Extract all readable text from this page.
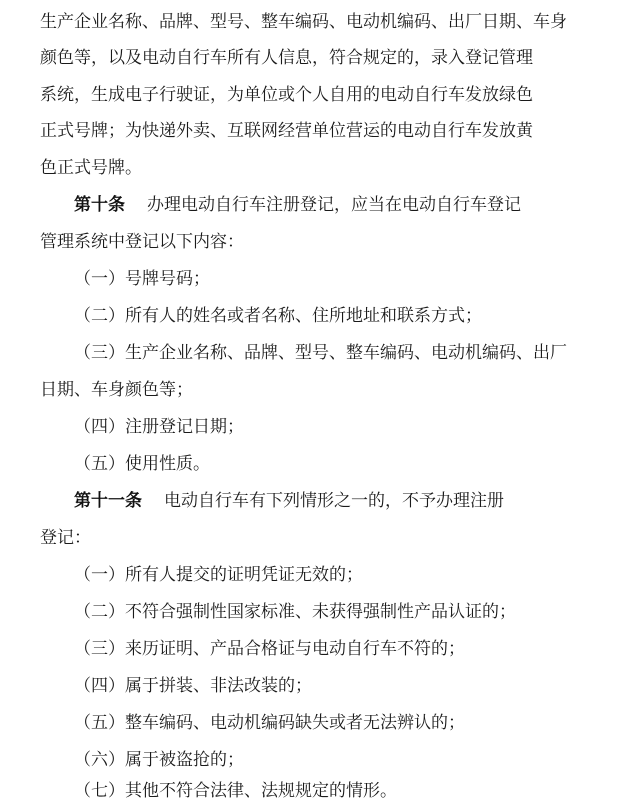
生产企业名称、品牌、型号、整车编码、电动机编码、出厂日期、车身
颜色等，以及电动自行车所有人信息，符合规定的，录入登记管理
系统，生成电子行驶证，为单位或个人自用的电动自行车发放绿色
正式号牌；为快递外卖、互联网经营单位营运的电动自行车发放黄
色正式号牌。
第十条 办理电动自行车注册登记，应当在电动自行车登记
管理系统中登记以下内容：
（一）号牌号码；
（二）所有人的姓名或者名称、住所地址和联系方式；
（三）生产企业名称、品牌、型号、整车编码、电动机编码、出厂
日期、车身颜色等；
（四）注册登记日期；
（五）使用性质。
第十一条 电动自行车有下列情形之一的，不予办理注册
登记：
（一）所有人提交的证明凭证无效的；
（二）不符合强制性国家标准、未获得强制性产品认证的；
（三）来历证明、产品合格证与电动自行车不符的；
（四）属于拼装、非法改装的；
（五）整车编码、电动机编码缺失或者无法辨认的；
（六）属于被盗抢的；
（七）其他不符合法律、法规规定的情形。
